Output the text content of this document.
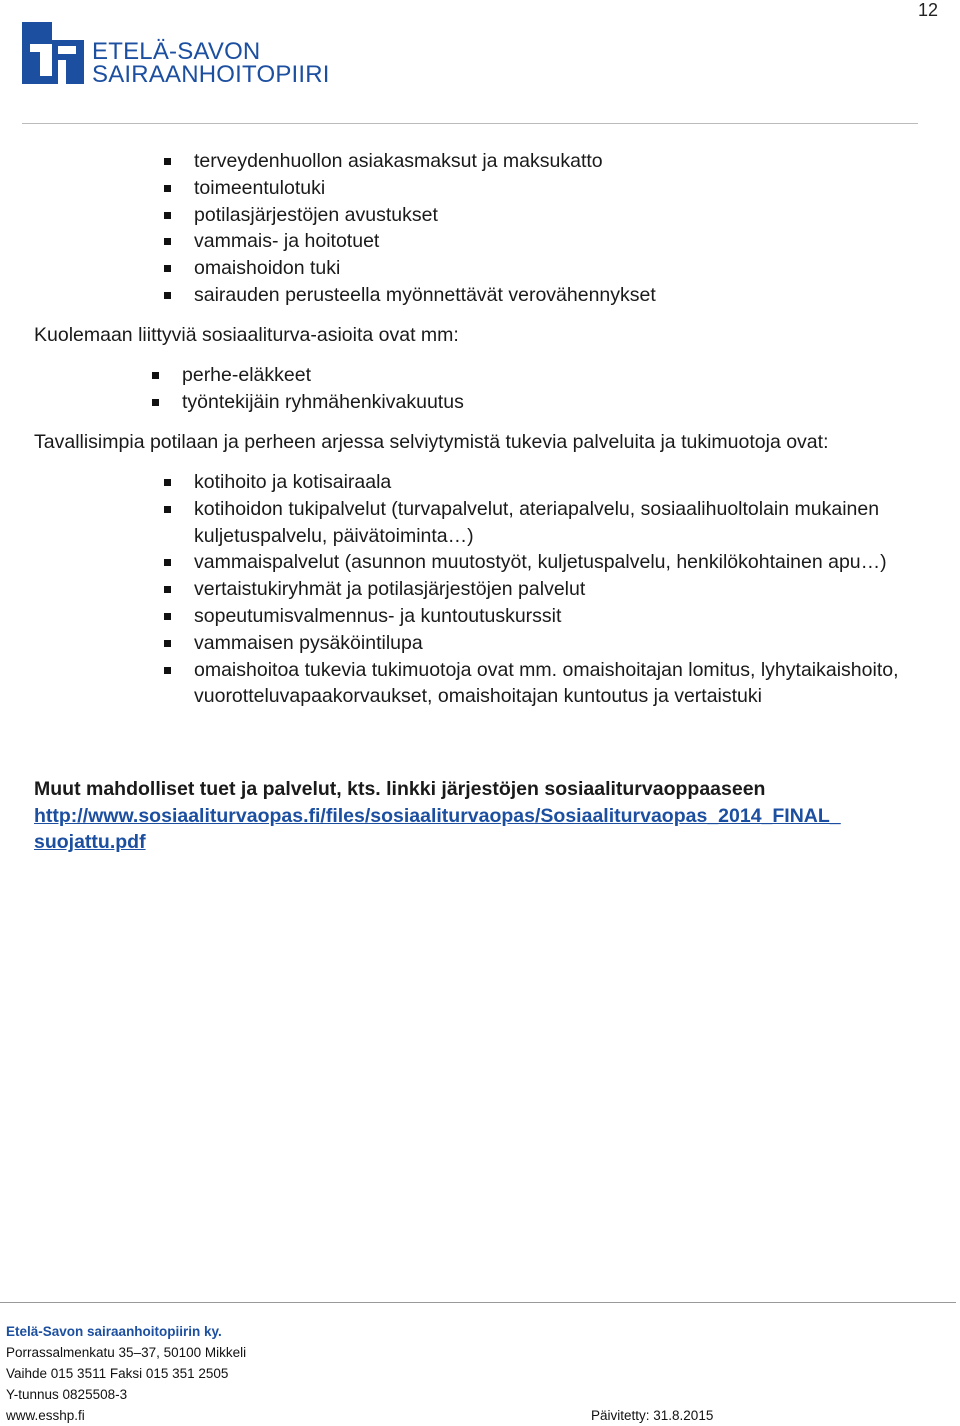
12
ETELÄ-SAVON
SAIRAANHOITOPIIRI
terveydenhuollon asiakasmaksut ja maksukatto
toimeentulotuki
potilasjärjestöjen avustukset
vammais- ja hoitotuet
omaishoidon tuki
sairauden perusteella myönnettävät verovähennykset
Kuolemaan liittyviä sosiaaliturva-asioita ovat mm:
perhe-eläkkeet
työntekijäin ryhmähenkivakuutus
Tavallisimpia potilaan ja perheen arjessa selviytymistä tukevia palveluita ja tukimuotoja ovat:
kotihoito ja kotisairaala
kotihoidon tukipalvelut (turvapalvelut, ateriapalvelu, sosiaalihuoltolain mukainen kuljetuspalvelu, päivätoiminta…)
vammaispalvelut (asunnon muutostyöt, kuljetuspalvelu, henkilökohtainen apu…)
vertaistukiryhmät ja potilasjärjestöjen palvelut
sopeutumisvalmennus- ja kuntoutuskurssit
vammaisen pysäköintilupa
omaishoitoa tukevia tukimuotoja ovat mm. omaishoitajan lomitus, lyhytaikaishoito, vuorotteluvapaakorvaukset, omaishoitajan kuntoutus ja vertaistuki
Muut mahdolliset tuet ja palvelut, kts. linkki järjestöjen sosiaaliturvaoppaaseen
http://www.sosiaaliturvaopas.fi/files/sosiaaliturvaopas/Sosiaaliturvaopas_2014_FINAL_
suojattu.pdf
Etelä-Savon sairaanhoitopiirin ky.
Porrassalmenkatu 35–37, 50100 Mikkeli
Vaihde 015 3511 Faksi 015 351 2505
Y-tunnus 0825508-3
www.esshp.fi	Päivitetty: 31.8.2015
